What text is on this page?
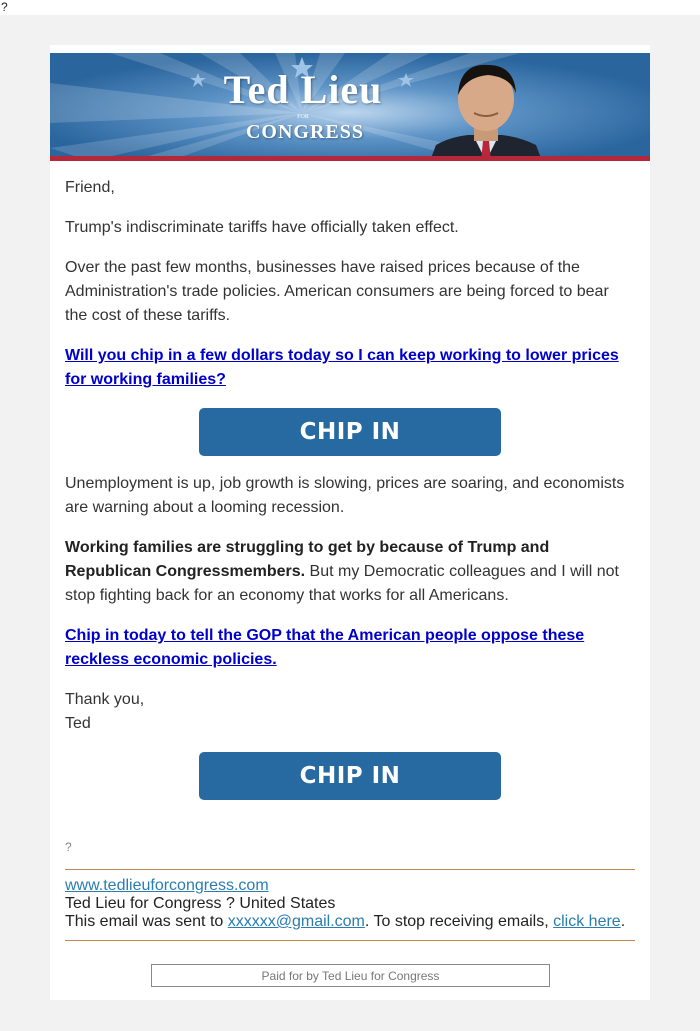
?
Ted Lieu
FOR
CONGRESS
Friend,
Trump's indiscriminate tariffs have officially taken effect.
Over the past few months, businesses have raised prices because of the Administration's trade policies. American consumers are being forced to bear the cost of these tariffs.
Will you chip in a few dollars today so I can keep working to lower prices for working families?
CHIP IN
Unemployment is up, job growth is slowing, prices are soaring, and economists are warning about a looming recession.
Working families are struggling to get by because of Trump and Republican Congressmembers. But my Democratic colleagues and I will not stop fighting back for an economy that works for all Americans.
Chip in today to tell the GOP that the American people oppose these reckless economic policies.
Thank you,
Ted
CHIP IN
?
www.tedlieuforcongress.com
Ted Lieu for Congress ? United States
This email was sent to xxxxxx@gmail.com. To stop receiving emails, click here.
Paid for by Ted Lieu for Congress
